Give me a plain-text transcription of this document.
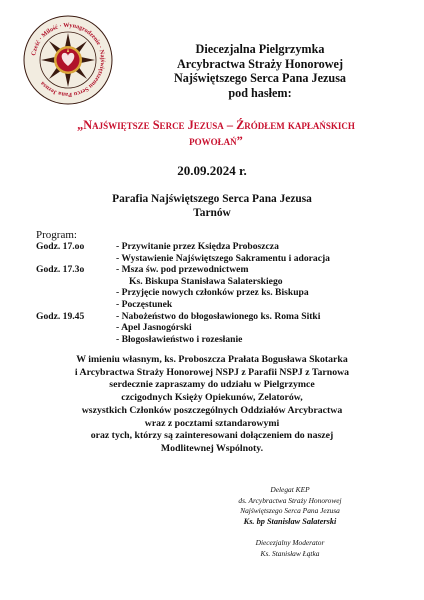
Cześć · Miłość · Wynagrodzenie · Najświętszemu Sercu Pana Jezusa
Diecezjalna Pielgrzymka
Arcybractwa Straży Honorowej
Najświętszego Serca Pana Jezusa
pod hasłem:
„Najświętsze Serce Jezusa – Źródłem kapłańskich
powołań”
20.09.2024 r.
Parafia Najświętszego Serca Pana Jezusa
Tarnów
Program:
Godz. 17.oo	- Przywitanie przez Księdza Proboszcza
- Wystawienie Najświętszego Sakramentu i adoracja
Godz. 17.3o	- Msza św. pod przewodnictwem
Ks. Biskupa Stanisława Salaterskiego
- Przyjęcie nowych członków przez ks. Biskupa
- Poczęstunek
Godz. 19.45	- Nabożeństwo do błogosławionego ks. Roma Sitki
- Apel Jasnogórski
- Błogosławieństwo i rozesłanie
W imieniu własnym, ks. Proboszcza Prałata Bogusława Skotarka
i Arcybractwa Straży Honorowej NSPJ z Parafii NSPJ z Tarnowa
serdecznie zapraszamy do udziału w Pielgrzymce
czcigodnych Księży Opiekunów, Zelatorów,
wszystkich Członków poszczególnych Oddziałów Arcybractwa
wraz z pocztami sztandarowymi
oraz tych, którzy są zainteresowani dołączeniem do naszej
Modlitewnej Wspólnoty.
Delegat KEP
ds. Arcybractwa Straży Honorowej
Najświętszego Serca Pana Jezusa
Ks. bp Stanisław Salaterski
Diecezjalny Moderator
Ks. Stanisław Łątka
